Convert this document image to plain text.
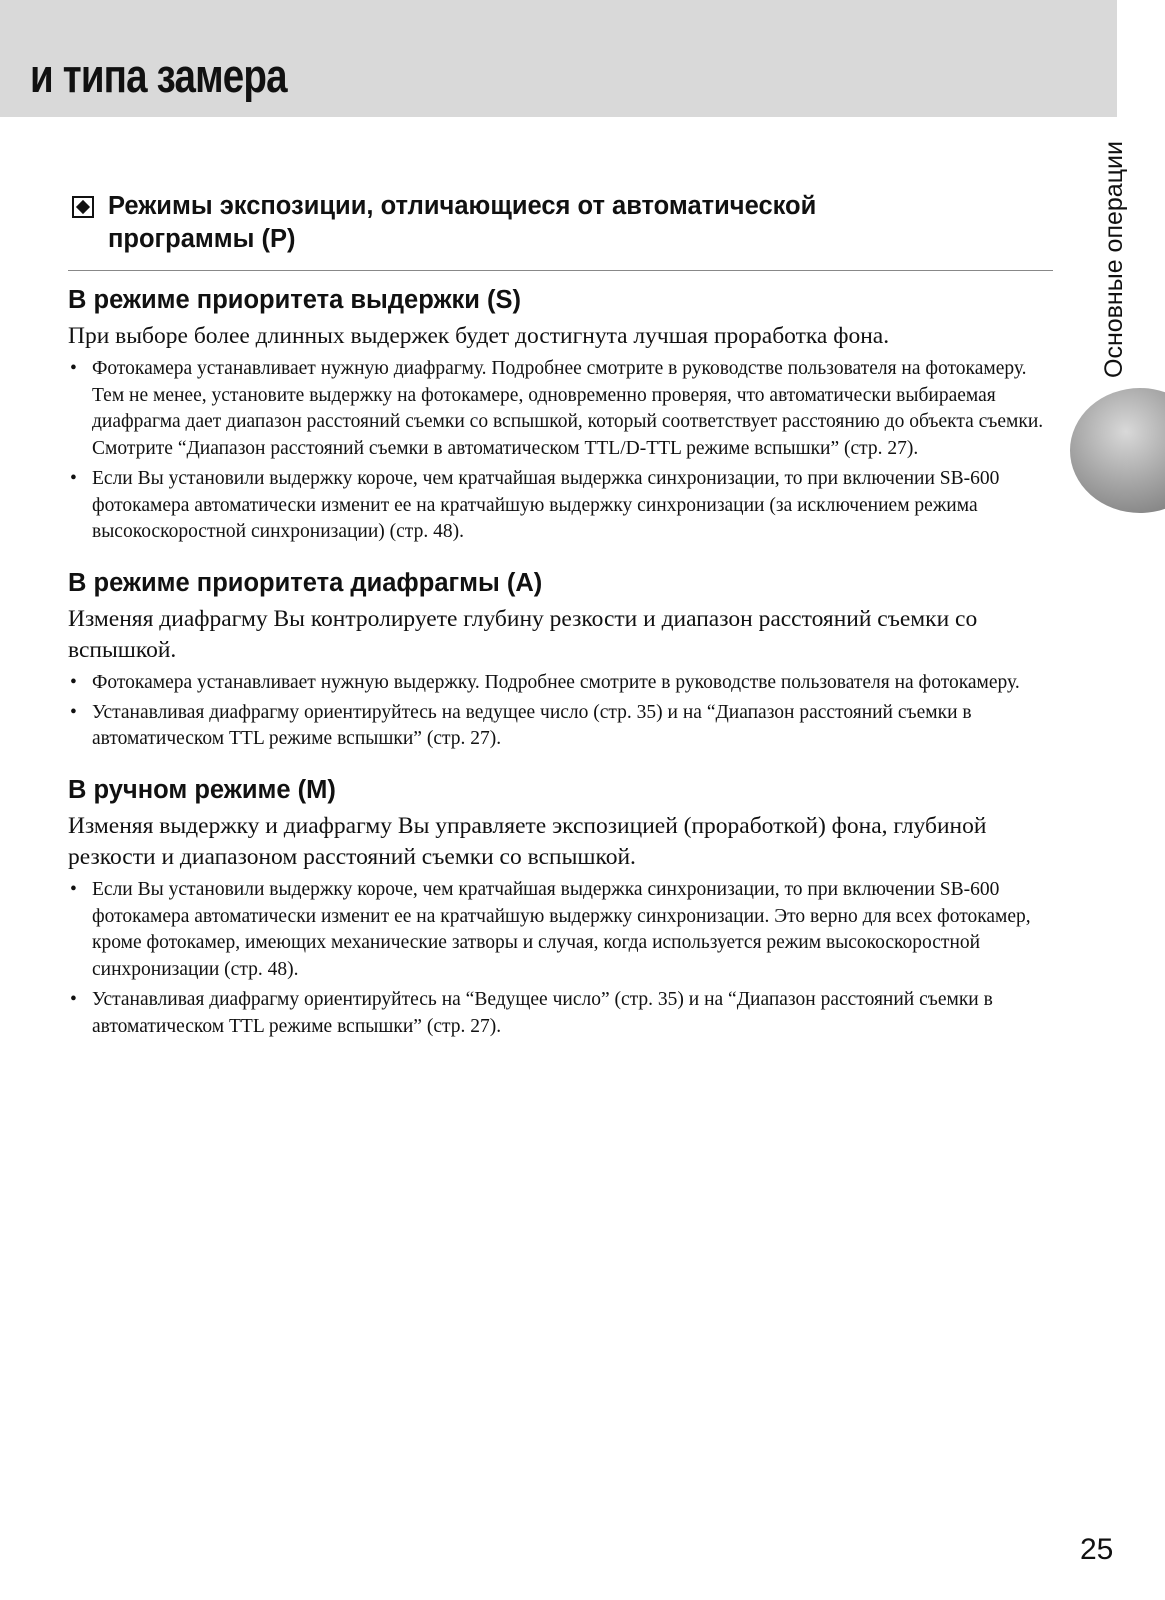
и типа замера
Основные операции
Режимы экспозиции, отличающиеся от автоматической
программы (P)
В режиме приоритета выдержки (S)

При выборе более длинных выдержек будет достигнута лучшая проработка фона.

• Фотокамера устанавливает нужную диафрагму. Подробнее смотрите в руководстве пользователя на фотокамеру. Тем не менее, установите выдержку на фотокамере, одновременно проверяя, что автоматически выбираемая диафрагма дает диапазон расстояний съемки со вспышкой, который соответствует расстоянию до объекта съемки. Смотрите “Диапазон расстояний съемки в автоматическом TTL/D-TTL режиме вспышки” (стр. 27).
• Если Вы установили выдержку короче, чем кратчайшая выдержка синхронизации, то при включении SB-600 фотокамера автоматически изменит ее на кратчайшую выдержку синхронизации (за исключением режима высокоскоростной синхронизации) (стр. 48).
В режиме приоритета диафрагмы (A)

Изменяя диафрагму Вы контролируете глубину резкости и диапазон расстояний съемки со вспышкой.

• Фотокамера устанавливает нужную выдержку. Подробнее смотрите в руководстве пользователя на фотокамеру.
• Устанавливая диафрагму ориентируйтесь на ведущее число (стр. 35) и на “Диапазон расстояний съемки в автоматическом TTL режиме вспышки” (стр. 27).
В ручном режиме (M)

Изменяя выдержку и диафрагму Вы управляете экспозицией (проработкой) фона, глубиной резкости и диапазоном расстояний съемки со вспышкой.

• Если Вы установили выдержку короче, чем кратчайшая выдержка синхронизации, то при включении SB-600 фотокамера автоматически изменит ее на кратчайшую выдержку синхронизации. Это верно для всех фотокамер, кроме фотокамер, имеющих механические затворы и случая, когда используется режим высокоскоростной синхронизации (стр. 48).
• Устанавливая диафрагму ориентируйтесь на “Ведущее число” (стр. 35) и на “Диапазон расстояний съемки в автоматическом TTL режиме вспышки” (стр. 27).
25
